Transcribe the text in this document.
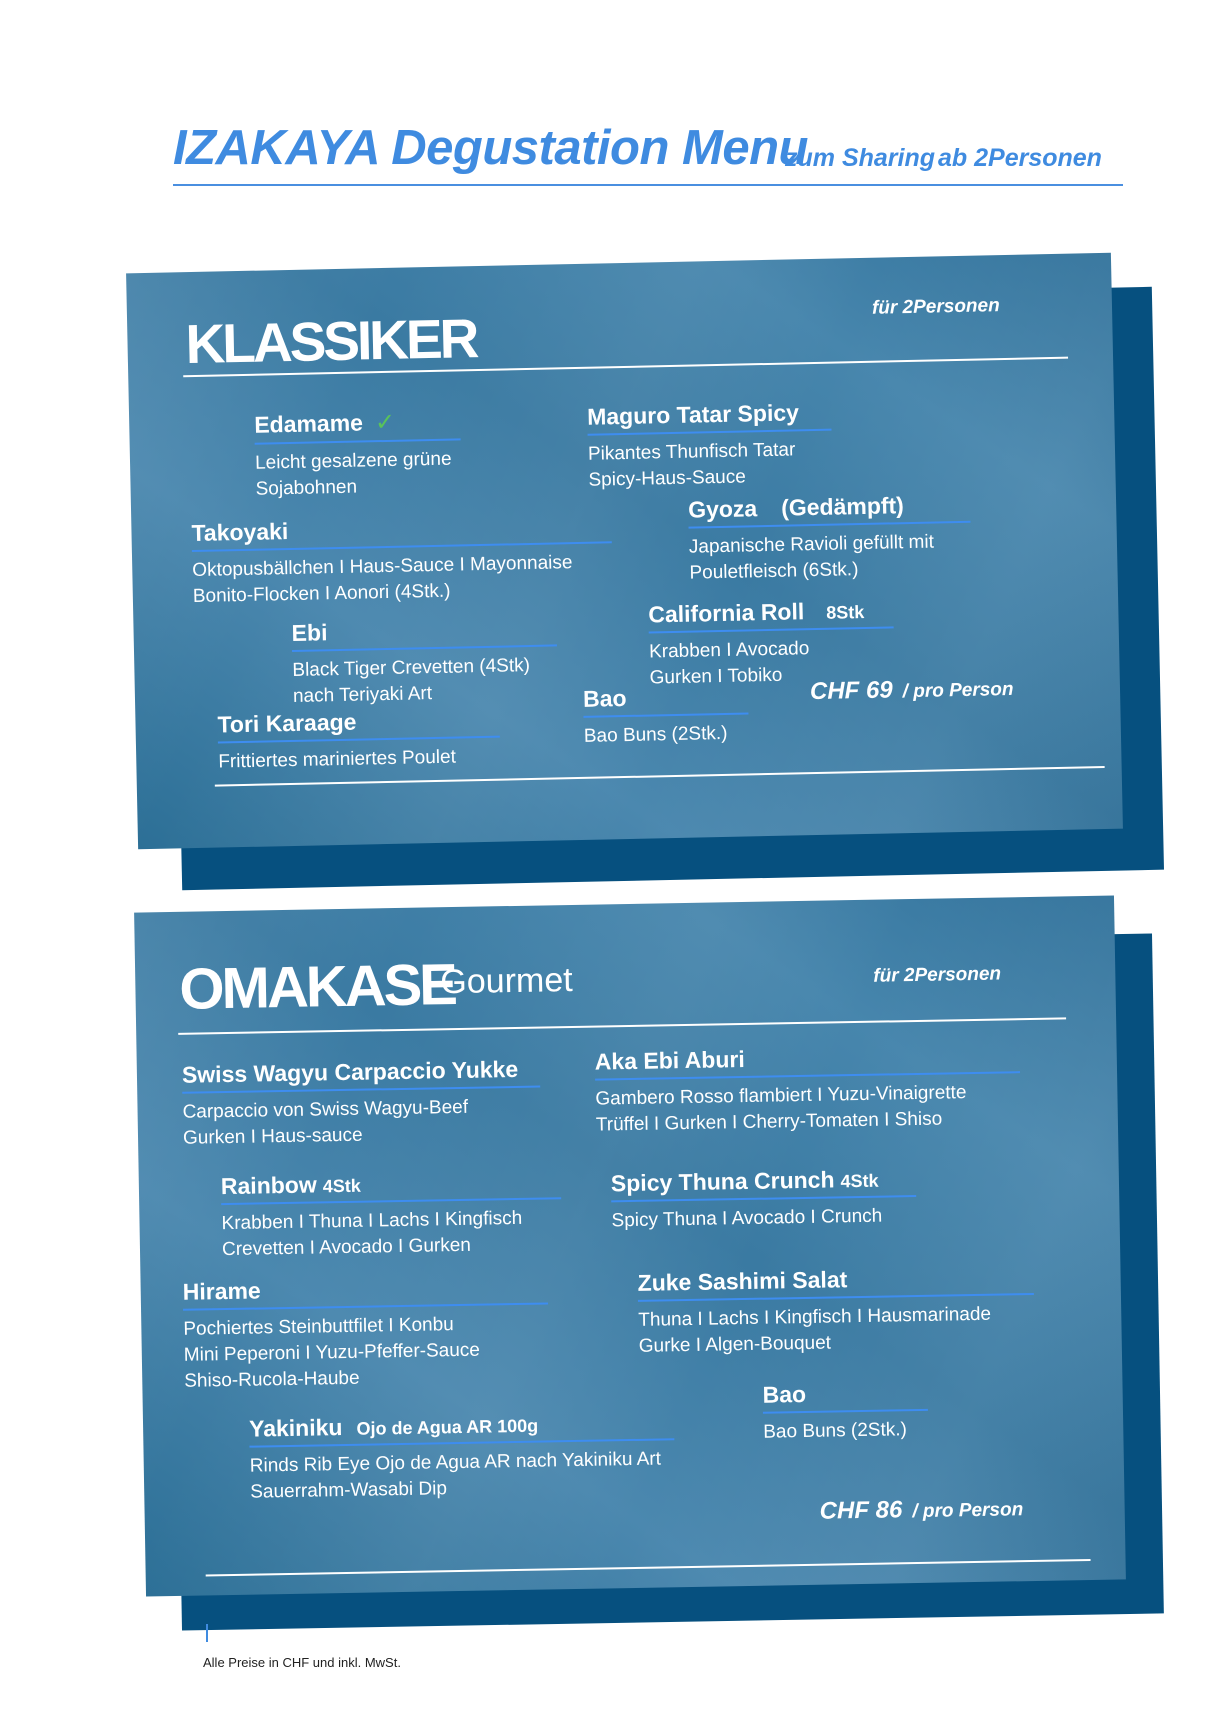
IZAKAYA Degustation Menu
zum Sharing ab 2Personen
KLASSIKER
für 2Personen
Edamame ✓
Leicht gesalzene grüne
Sojabohnen
Maguro Tatar Spicy
Pikantes Thunfisch Tatar
Spicy-Haus-Sauce
Gyoza (Gedämpft)
Japanische Ravioli gefüllt mit
Pouletfleisch (6Stk.)
Takoyaki
Oktopusbällchen I Haus-Sauce I Mayonnaise
Bonito-Flocken I Aonori (4Stk.)
California Roll 8Stk
Krabben I Avocado
Gurken I Tobiko
Ebi
Black Tiger Crevetten (4Stk)
nach Teriyaki Art	Bao
Bao Buns (2Stk.)
Tori Karaage
Frittiertes mariniertes Poulet
CHF 69 / pro Person
OMAKASE
Gourmet	für 2Personen
Swiss Wagyu Carpaccio Yukke
Carpaccio von Swiss Wagyu-Beef
Gurken I Haus-sauce
Aka Ebi Aburi
Gambero Rosso flambiert I Yuzu-Vinaigrette
Trüffel I Gurken I Cherry-Tomaten I Shiso
Rainbow 4Stk
Krabben I Thuna I Lachs I Kingfisch
Crevetten I Avocado I Gurken
Spicy Thuna Crunch 4Stk
Spicy Thuna I Avocado I Crunch
Hirame
Pochiertes Steinbuttfilet I Konbu
Mini Peperoni I Yuzu-Pfeffer-Sauce
Shiso-Rucola-Haube
Zuke Sashimi Salat
Thuna I Lachs I Kingfisch I Hausmarinade
Gurke I Algen-Bouquet
Bao
Bao Buns (2Stk.)
Yakiniku Ojo de Agua AR 100g
Rinds Rib Eye Ojo de Agua AR nach Yakiniku Art
Sauerrahm-Wasabi Dip
CHF 86 / pro Person
Alle Preise in CHF und inkl. MwSt.
